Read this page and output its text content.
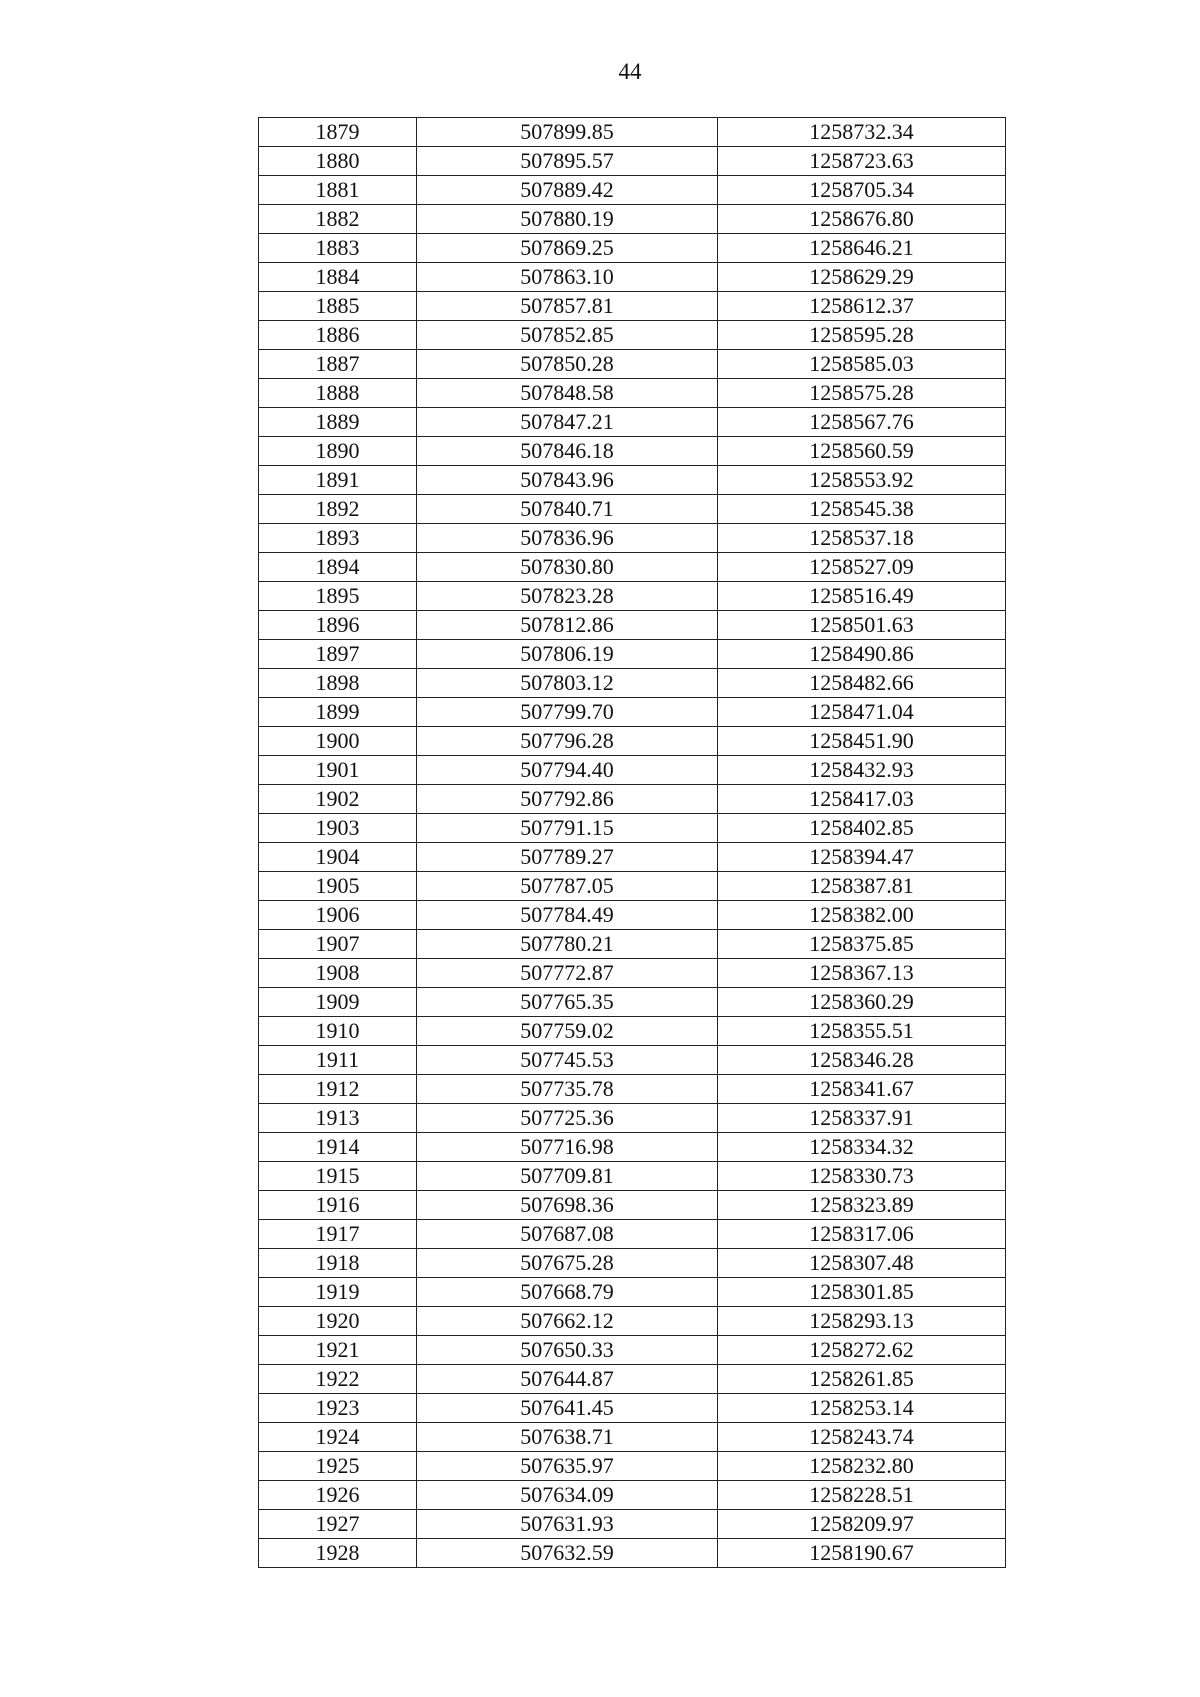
44
1879	507899.85	1258732.34
1880	507895.57	1258723.63
1881	507889.42	1258705.34
1882	507880.19	1258676.80
1883	507869.25	1258646.21
1884	507863.10	1258629.29
1885	507857.81	1258612.37
1886	507852.85	1258595.28
1887	507850.28	1258585.03
1888	507848.58	1258575.28
1889	507847.21	1258567.76
1890	507846.18	1258560.59
1891	507843.96	1258553.92
1892	507840.71	1258545.38
1893	507836.96	1258537.18
1894	507830.80	1258527.09
1895	507823.28	1258516.49
1896	507812.86	1258501.63
1897	507806.19	1258490.86
1898	507803.12	1258482.66
1899	507799.70	1258471.04
1900	507796.28	1258451.90
1901	507794.40	1258432.93
1902	507792.86	1258417.03
1903	507791.15	1258402.85
1904	507789.27	1258394.47
1905	507787.05	1258387.81
1906	507784.49	1258382.00
1907	507780.21	1258375.85
1908	507772.87	1258367.13
1909	507765.35	1258360.29
1910	507759.02	1258355.51
1911	507745.53	1258346.28
1912	507735.78	1258341.67
1913	507725.36	1258337.91
1914	507716.98	1258334.32
1915	507709.81	1258330.73
1916	507698.36	1258323.89
1917	507687.08	1258317.06
1918	507675.28	1258307.48
1919	507668.79	1258301.85
1920	507662.12	1258293.13
1921	507650.33	1258272.62
1922	507644.87	1258261.85
1923	507641.45	1258253.14
1924	507638.71	1258243.74
1925	507635.97	1258232.80
1926	507634.09	1258228.51
1927	507631.93	1258209.97
1928	507632.59	1258190.67
